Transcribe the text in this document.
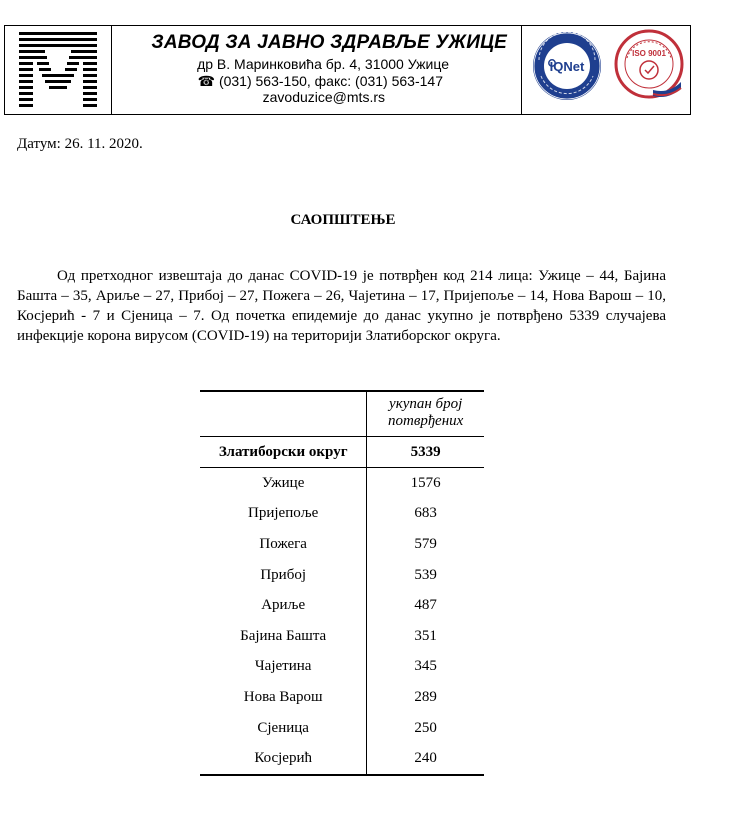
ЗАВОД ЗА ЈАВНО ЗДРАВЉЕ УЖИЦЕ
др В. Маринковића бр. 4, 31000 Ужице
☎ (031) 563-150, факс: (031) 563-147
zavoduzice@mts.rs
IQNet
ISO 9001
Датум: 26. 11. 2020.
САОПШТЕЊЕ
Од претходног извештаја до данас COVID-19 је потврђен код 214 лица: Ужице – 44, Бајина Башта – 35, Ариље – 27, Прибој – 27, Пожега – 26, Чајетина – 17, Пријепоље – 14, Нова Варош – 10, Косјерић - 7 и Сјеница – 7. Од почетка епидемије до данас укупно је потврђено 5339 случајева инфекције корона вирусом (COVID-19) на територији Златиборског округа.
	укупан број потврђених
Златиборски округ	5339
Ужице	1576
Пријепоље	683
Пожега	579
Прибој	539
Ариље	487
Бајина Башта	351
Чајетина	345
Нова Варош	289
Сјеница	250
Косјерић	240
